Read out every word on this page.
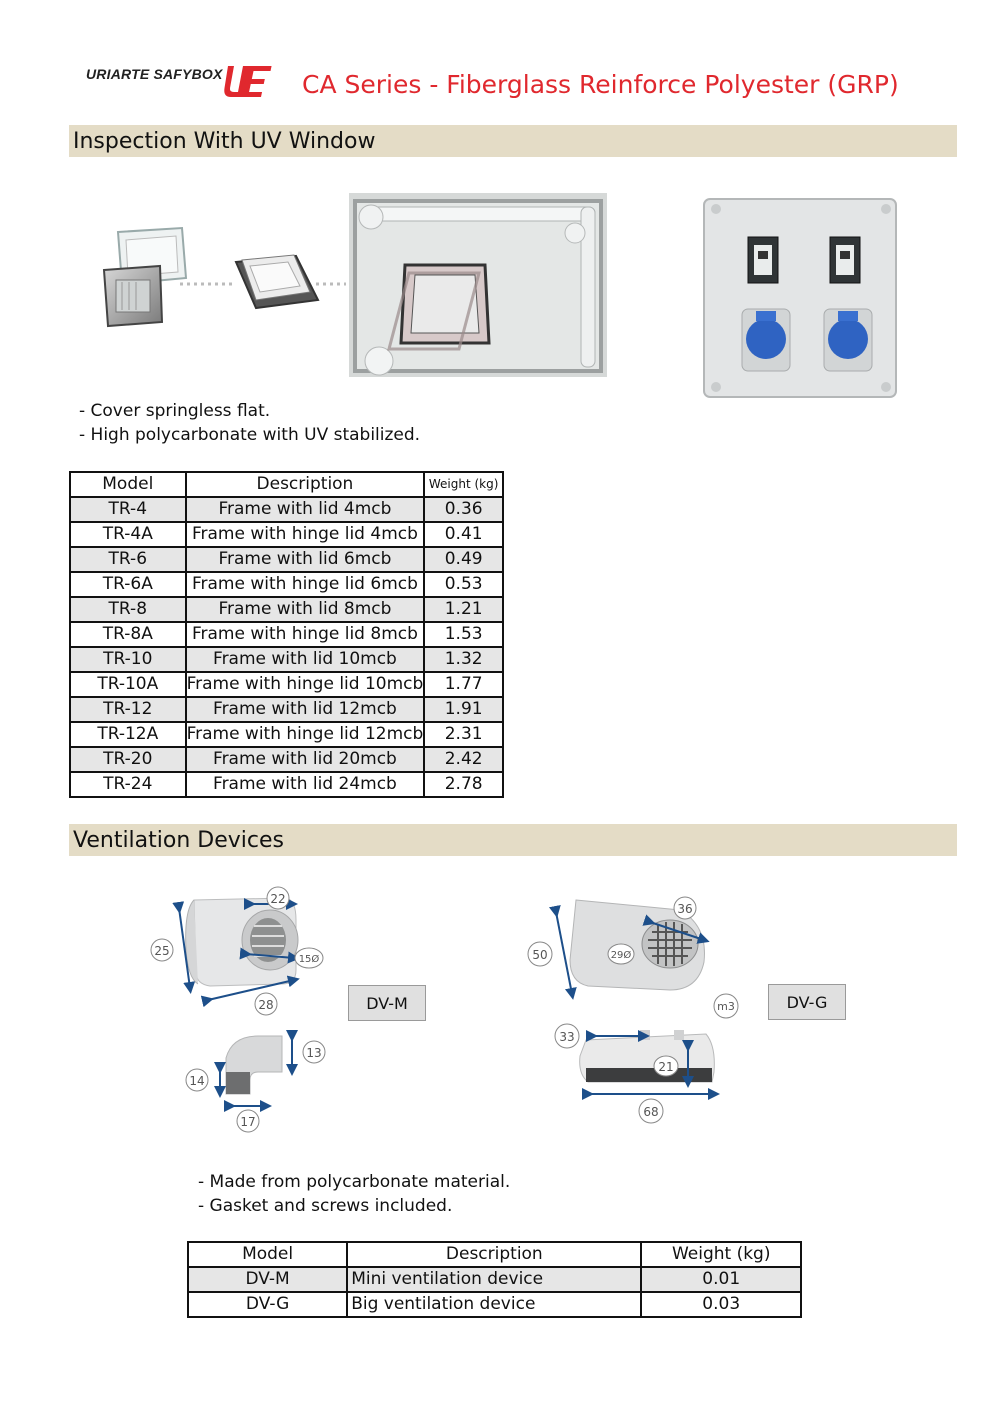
URIARTE SAFYBOX	CA Series - Fiberglass Reinforce Polyester (GRP)
Inspection With UV Window
- Cover springless flat.
- High polycarbonate with UV stabilized.
Model	Description	Weight (kg)
TR-4	Frame with lid 4mcb	0.36
TR-4A	Frame with hinge lid 4mcb	0.41
TR-6	Frame with lid 6mcb	0.49
TR-6A	Frame with hinge lid 6mcb	0.53
TR-8	Frame with lid 8mcb	1.21
TR-8A	Frame with hinge lid 8mcb	1.53
TR-10	Frame with lid 10mcb	1.32
TR-10A	Frame with hinge lid 10mcb	1.77
TR-12	Frame with lid 12mcb	1.91
TR-12A	Frame with hinge lid 12mcb	2.31
TR-20	Frame with lid 20mcb	2.42
TR-24	Frame with lid 24mcb	2.78
Ventilation Devices
22
25
28
15Ø
13
14
17
DV-M
36
50	29Ø
m3
33
21
68
DV-G
- Made from polycarbonate material.
- Gasket and screws included.
Model	Description	Weight (kg)
DV-M	Mini ventilation device	0.01
DV-G	Big ventilation device	0.03
